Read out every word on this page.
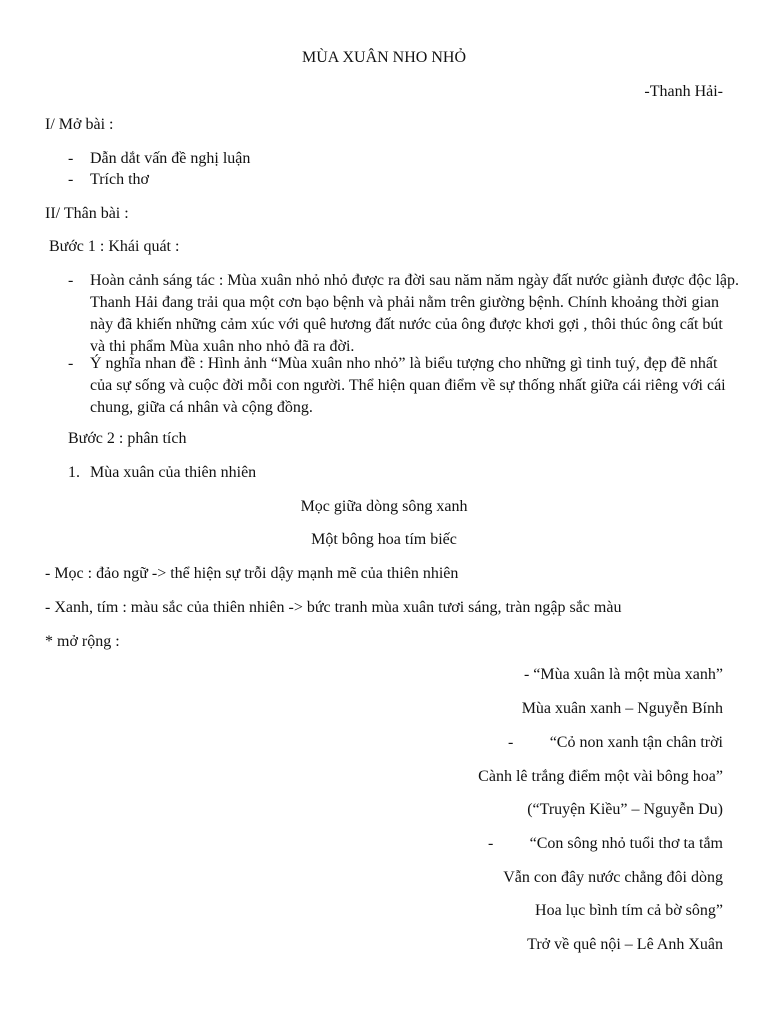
MÙA XUÂN NHO NHỎ
-Thanh Hải-
I/ Mở bài :
- Dẫn dắt vấn đề nghị luận
- Trích thơ
II/ Thân bài :
Bước 1 : Khái quát :
- Hoàn cảnh sáng tác : Mùa xuân nhỏ nhỏ được ra đời sau năm năm ngày đất nước giành được độc lập. Thanh Hải đang trải qua một cơn bạo bệnh và phải nằm trên giường bệnh. Chính khoảng thời gian này đã khiến những cảm xúc với quê hương đất nước của ông được khơi gợi , thôi thúc ông cất bút và thi phẩm Mùa xuân nho nhỏ đã ra đời.
- Ý nghĩa nhan đề : Hình ảnh “Mùa xuân nho nhỏ” là biểu tượng cho những gì tinh tuý, đẹp đẽ nhất của sự sống và cuộc đời mỗi con người. Thể hiện quan điểm về sự thống nhất giữa cái riêng với cái chung, giữa cá nhân và cộng đồng.
Bước 2 : phân tích
1. Mùa xuân của thiên nhiên
Mọc giữa dòng sông xanh
Một bông hoa tím biếc
- Mọc : đảo ngữ -> thể hiện sự trỗi dậy mạnh mẽ của thiên nhiên
- Xanh, tím : màu sắc của thiên nhiên -> bức tranh mùa xuân tươi sáng, tràn ngập sắc màu
* mở rộng :
- “Mùa xuân là một mùa xanh”
Mùa xuân xanh – Nguyễn Bính
- “Cỏ non xanh tận chân trời
Cành lê trắng điểm một vài bông hoa”
(“Truyện Kiều” – Nguyễn Du)
- “Con sông nhỏ tuổi thơ ta tắm
Vẫn con đây nước chẳng đôi dòng
Hoa lục bình tím cả bờ sông”
Trở về quê nội – Lê Anh Xuân
